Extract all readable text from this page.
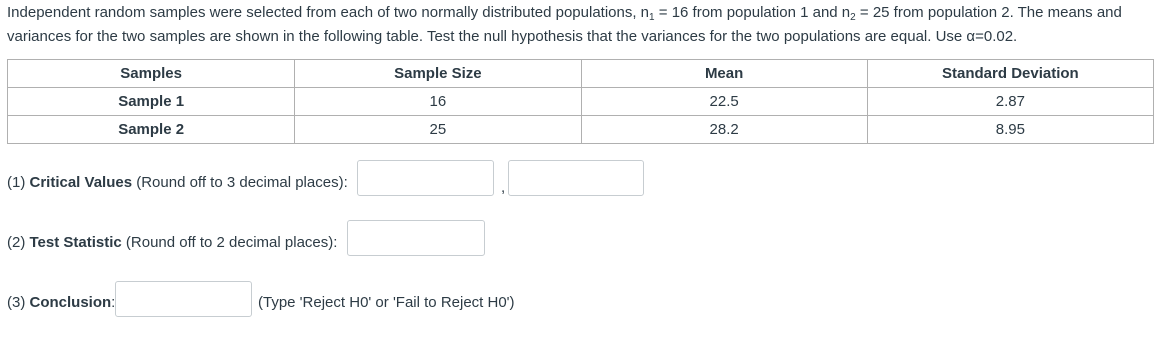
Independent random samples were selected from each of two normally distributed populations, $n_1 = 16$ from population 1 and $n_2 = 25$ from population 2. The means and variances for the two samples are shown in the following table. Test the null hypothesis that the variances for the two populations are equal. Use α=0.02.
Samples	Sample Size	Mean	Standard Deviation
Sample 1	16	22.5	2.87
Sample 2	25	28.2	8.95
(1) Critical Values (Round off to 3 decimal places):	,
(2) Test Statistic (Round off to 2 decimal places):
(3) Conclusion:	(Type 'Reject H0' or 'Fail to Reject H0')
